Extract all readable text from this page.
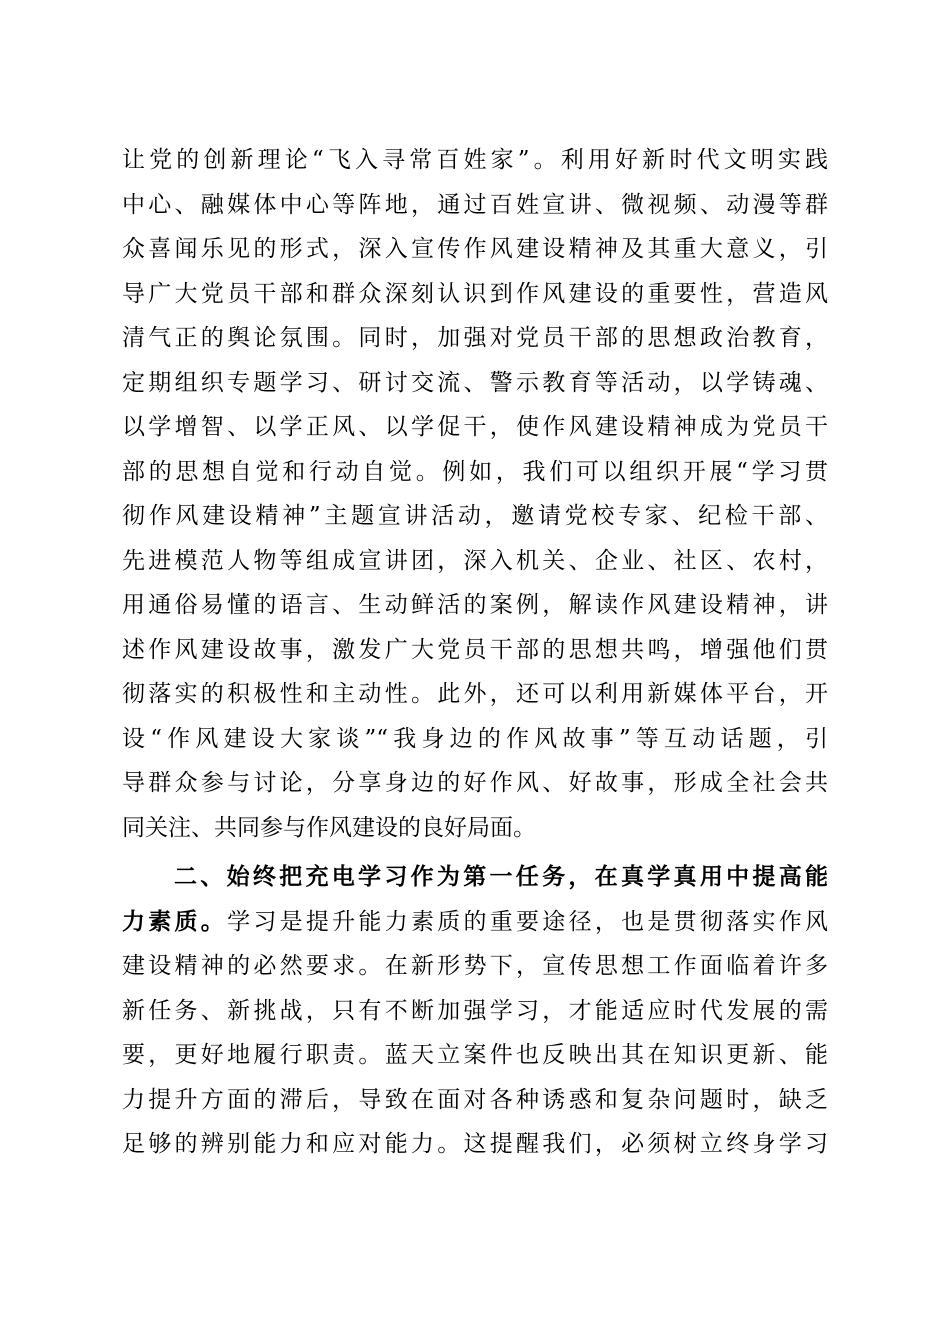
让党的创新理论“飞入寻常百姓家”。利用好新时代文明实践
中心、融媒体中心等阵地，通过百姓宣讲、微视频、动漫等群
众喜闻乐见的形式，深入宣传作风建设精神及其重大意义，引
导广大党员干部和群众深刻认识到作风建设的重要性，营造风
清气正的舆论氛围。同时，加强对党员干部的思想政治教育，
定期组织专题学习、研讨交流、警示教育等活动，以学铸魂、
以学增智、以学正风、以学促干，使作风建设精神成为党员干
部的思想自觉和行动自觉。例如，我们可以组织开展“学习贯
彻作风建设精神”主题宣讲活动，邀请党校专家、纪检干部、
先进模范人物等组成宣讲团，深入机关、企业、社区、农村，
用通俗易懂的语言、生动鲜活的案例，解读作风建设精神，讲
述作风建设故事，激发广大党员干部的思想共鸣，增强他们贯
彻落实的积极性和主动性。此外，还可以利用新媒体平台，开
设“作风建设大家谈”“我身边的作风故事”等互动话题，引
导群众参与讨论，分享身边的好作风、好故事，形成全社会共
同关注、共同参与作风建设的良好局面。
二、始终把充电学习作为第一任务，在真学真用中提高能
力素质。学习是提升能力素质的重要途径，也是贯彻落实作风
建设精神的必然要求。在新形势下，宣传思想工作面临着许多
新任务、新挑战，只有不断加强学习，才能适应时代发展的需
要，更好地履行职责。蓝天立案件也反映出其在知识更新、能
力提升方面的滞后，导致在面对各种诱惑和复杂问题时，缺乏
足够的辨别能力和应对能力。这提醒我们，必须树立终身学习
